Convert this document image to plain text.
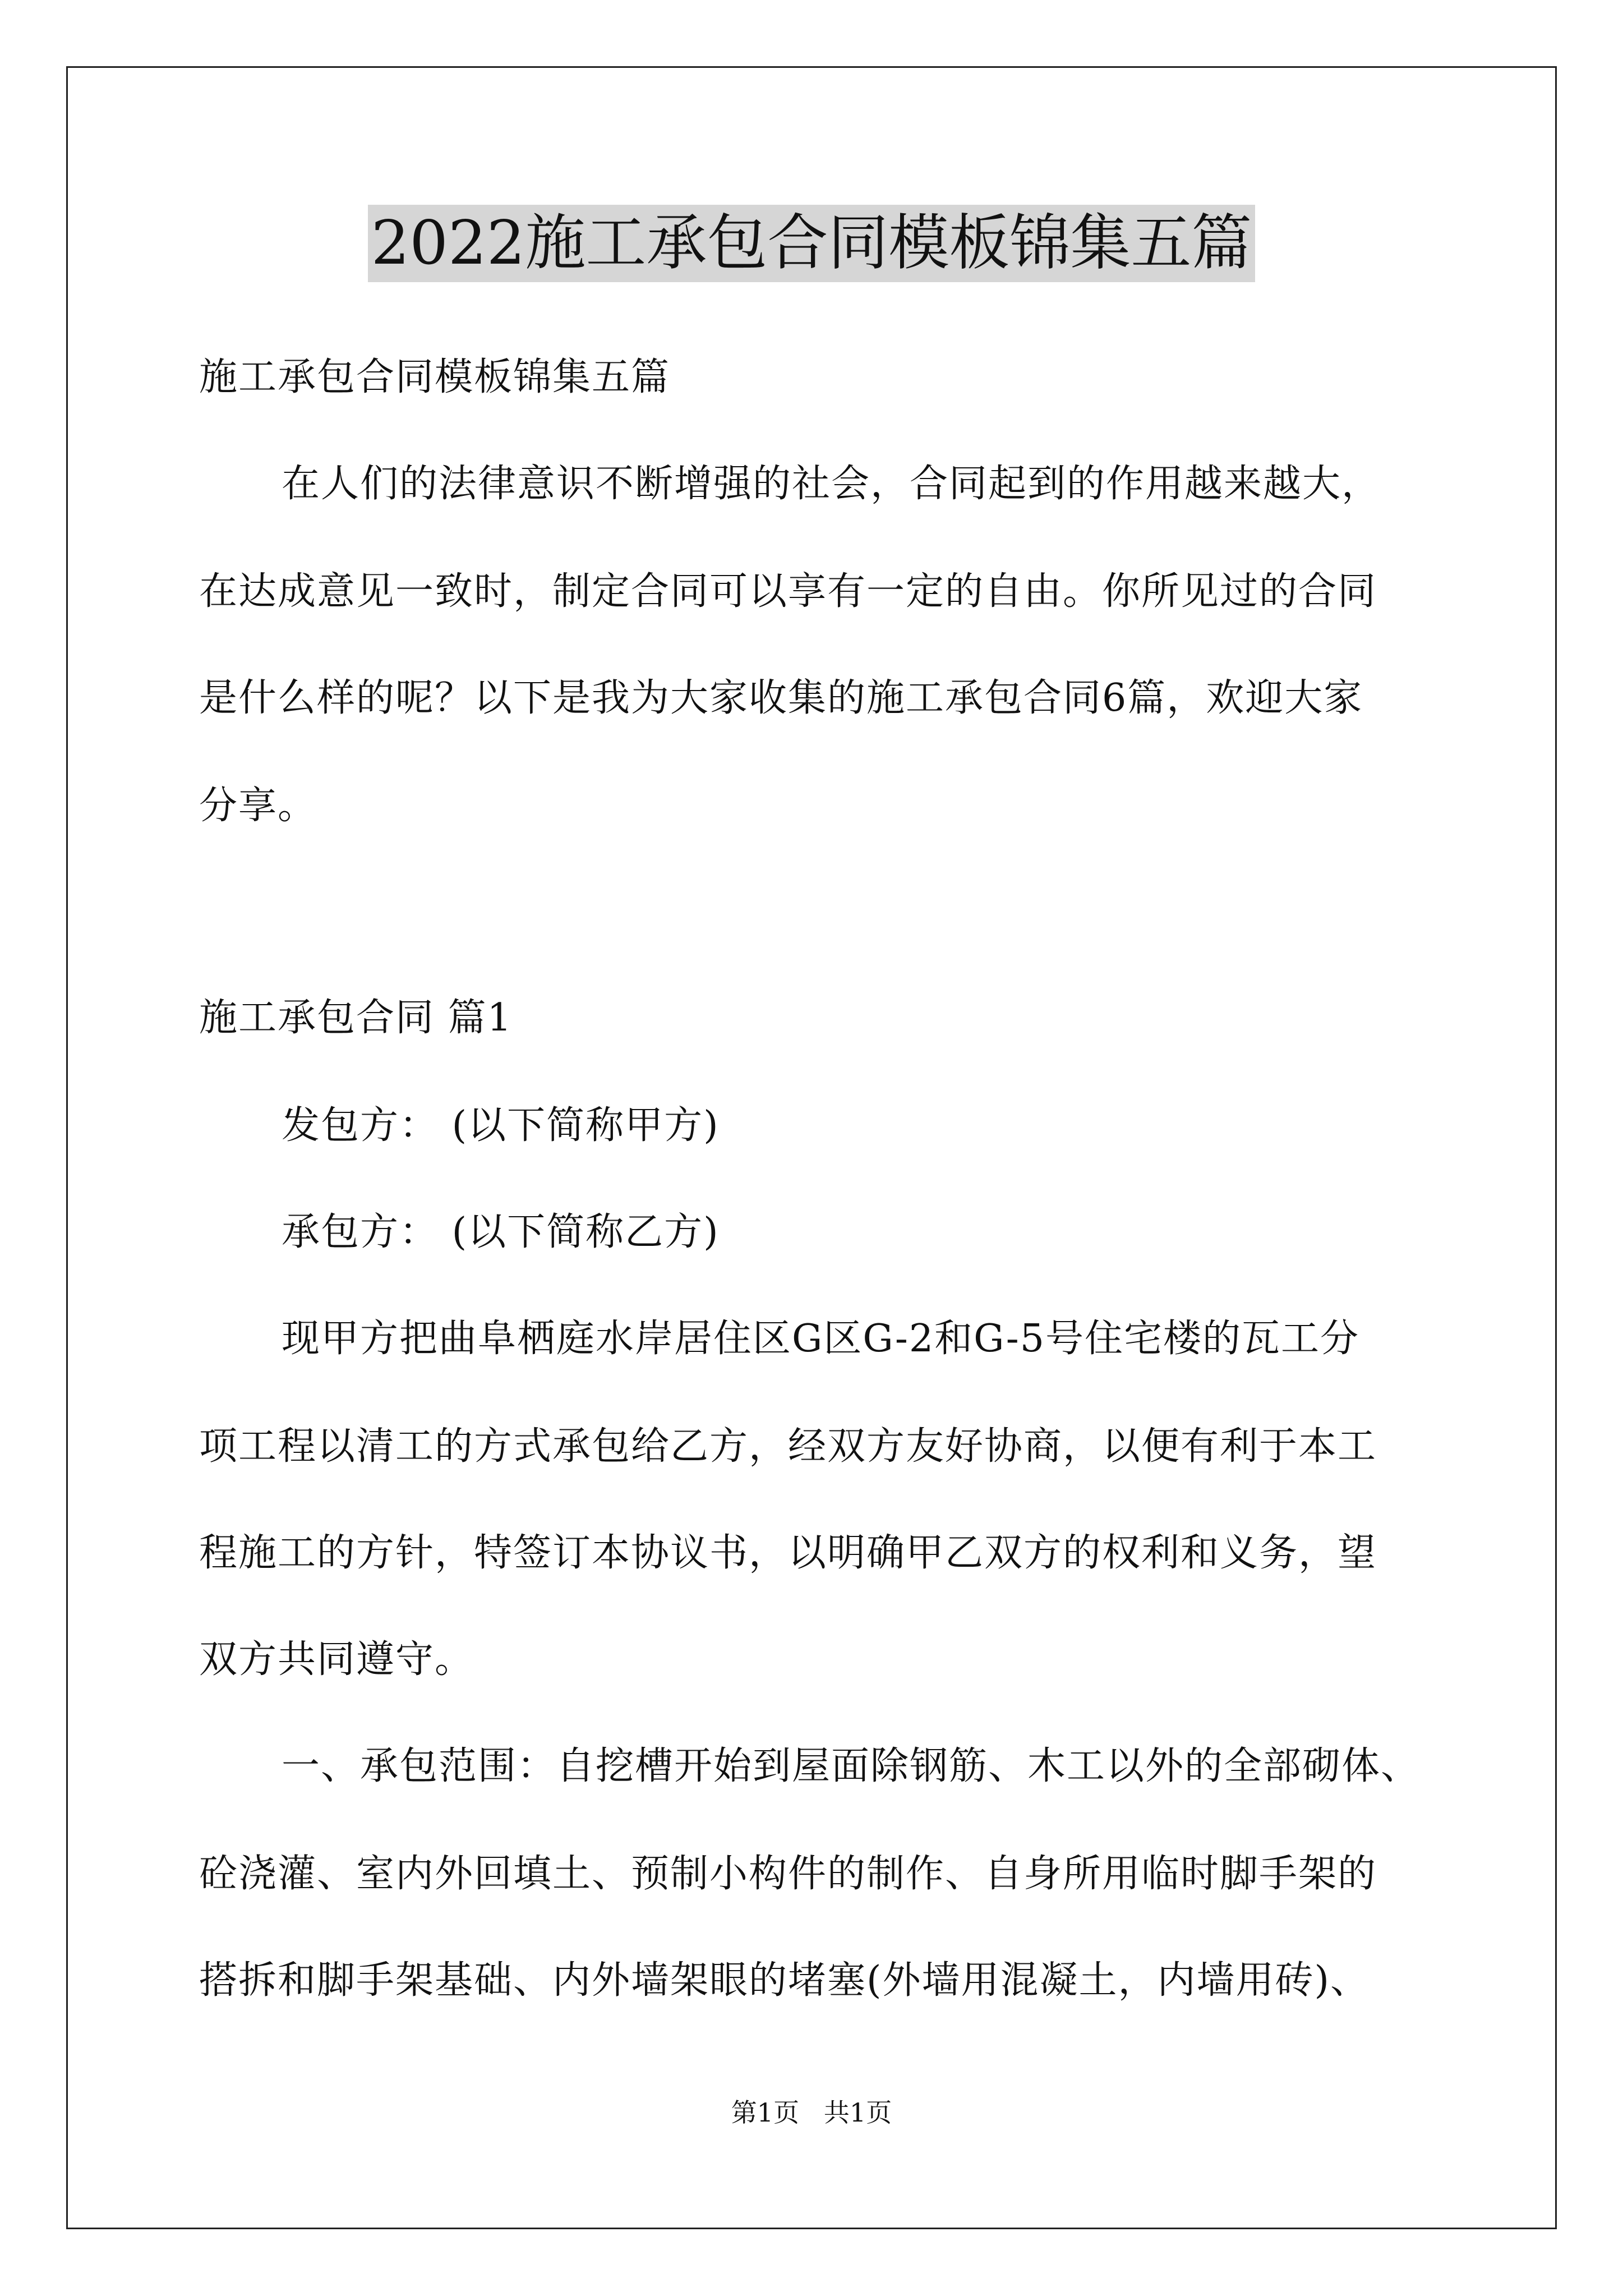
2022施工承包合同模板锦集五篇
施工承包合同模板锦集五篇
在人们的法律意识不断增强的社会，合同起到的作用越来越大，
在达成意见一致时，制定合同可以享有一定的自由。你所见过的合同
是什么样的呢？以下是我为大家收集的施工承包合同6篇，欢迎大家
分享。
施工承包合同 篇1
发包方： (以下简称甲方)
承包方： (以下简称乙方)
现甲方把曲阜栖庭水岸居住区G区G-2和G-5号住宅楼的瓦工分
项工程以清工的方式承包给乙方，经双方友好协商，以便有利于本工
程施工的方针，特签订本协议书，以明确甲乙双方的权利和义务，望
双方共同遵守。
一、承包范围：自挖槽开始到屋面除钢筋、木工以外的全部砌体、
砼浇灌、室内外回填土、预制小构件的制作、自身所用临时脚手架的
搭拆和脚手架基础、内外墙架眼的堵塞(外墙用混凝土，内墙用砖)、
第1页   共1页
